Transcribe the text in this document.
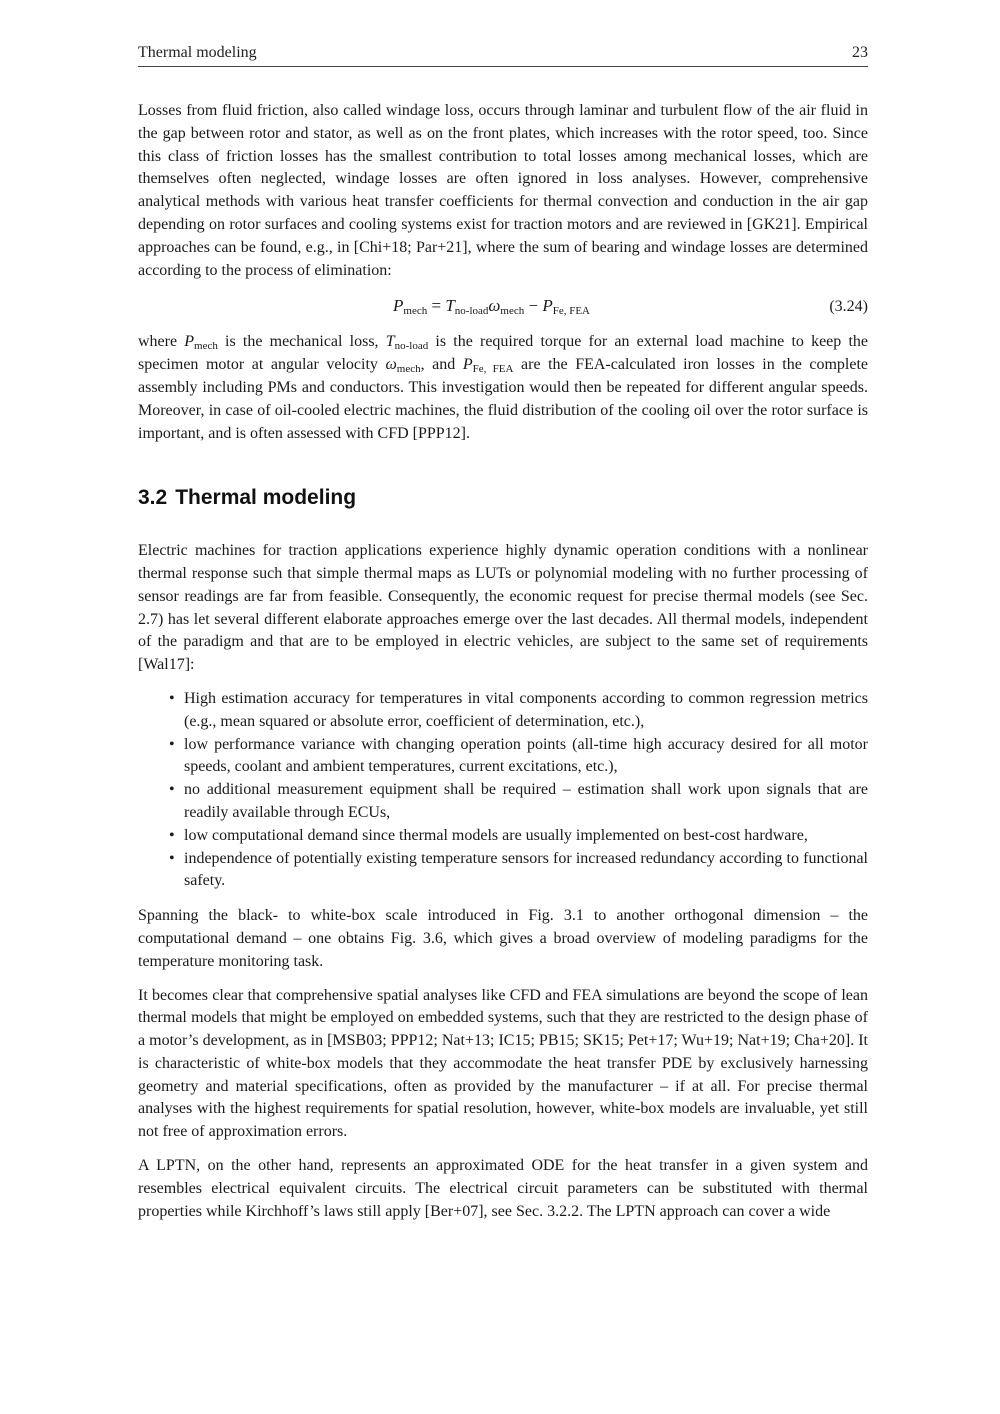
Thermal modeling	23

Losses from fluid friction, also called windage loss, occurs through laminar and turbulent flow of the air fluid in the gap between rotor and stator, as well as on the front plates, which increases with the rotor speed, too. Since this class of friction losses has the smallest contribution to total losses among mechanical losses, which are themselves often neglected, windage losses are often ignored in loss analyses. However, comprehensive analytical methods with various heat transfer coefficients for thermal convection and conduction in the air gap depending on rotor surfaces and cooling systems exist for traction motors and are reviewed in [GK21]. Empirical approaches can be found, e.g., in [Chi+18; Par+21], where the sum of bearing and windage losses are determined according to the process of elimination:

$P_{mech} = T_{no-load}\omega_{mech} - P_{Fe, FEA}$	(3.24)

where $P_{mech}$ is the mechanical loss, $T_{no-load}$ is the required torque for an external load machine to keep the specimen motor at angular velocity $\omega_{mech}$, and $P_{Fe, FEA}$ are the FEA-calculated iron losses in the complete assembly including PMs and conductors. This investigation would then be repeated for different angular speeds. Moreover, in case of oil-cooled electric machines, the fluid distribution of the cooling oil over the rotor surface is important, and is often assessed with CFD [PPP12].

3.2 Thermal modeling

Electric machines for traction applications experience highly dynamic operation conditions with a nonlinear thermal response such that simple thermal maps as LUTs or polynomial modeling with no further processing of sensor readings are far from feasible. Consequently, the economic request for precise thermal models (see Sec. 2.7) has let several different elaborate approaches emerge over the last decades. All thermal models, independent of the paradigm and that are to be employed in electric vehicles, are subject to the same set of requirements [Wal17]:

• High estimation accuracy for temperatures in vital components according to common regression metrics (e.g., mean squared or absolute error, coefficient of determination, etc.),
• low performance variance with changing operation points (all-time high accuracy desired for all motor speeds, coolant and ambient temperatures, current excitations, etc.),
• no additional measurement equipment shall be required – estimation shall work upon signals that are readily available through ECUs,
• low computational demand since thermal models are usually implemented on best-cost hardware,
• independence of potentially existing temperature sensors for increased redundancy according to functional safety.

Spanning the black- to white-box scale introduced in Fig. 3.1 to another orthogonal dimension – the computational demand – one obtains Fig. 3.6, which gives a broad overview of modeling paradigms for the temperature monitoring task.

It becomes clear that comprehensive spatial analyses like CFD and FEA simulations are beyond the scope of lean thermal models that might be employed on embedded systems, such that they are restricted to the design phase of a motor’s development, as in [MSB03; PPP12; Nat+13; IC15; PB15; SK15; Pet+17; Wu+19; Nat+19; Cha+20]. It is characteristic of white-box models that they accommodate the heat transfer PDE by exclusively harnessing geometry and material specifications, often as provided by the manufacturer – if at all. For precise thermal analyses with the highest requirements for spatial resolution, however, white-box models are invaluable, yet still not free of approximation errors.

A LPTN, on the other hand, represents an approximated ODE for the heat transfer in a given system and resembles electrical equivalent circuits. The electrical circuit parameters can be substituted with thermal properties while Kirchhoff’s laws still apply [Ber+07], see Sec. 3.2.2. The LPTN approach can cover a wide
